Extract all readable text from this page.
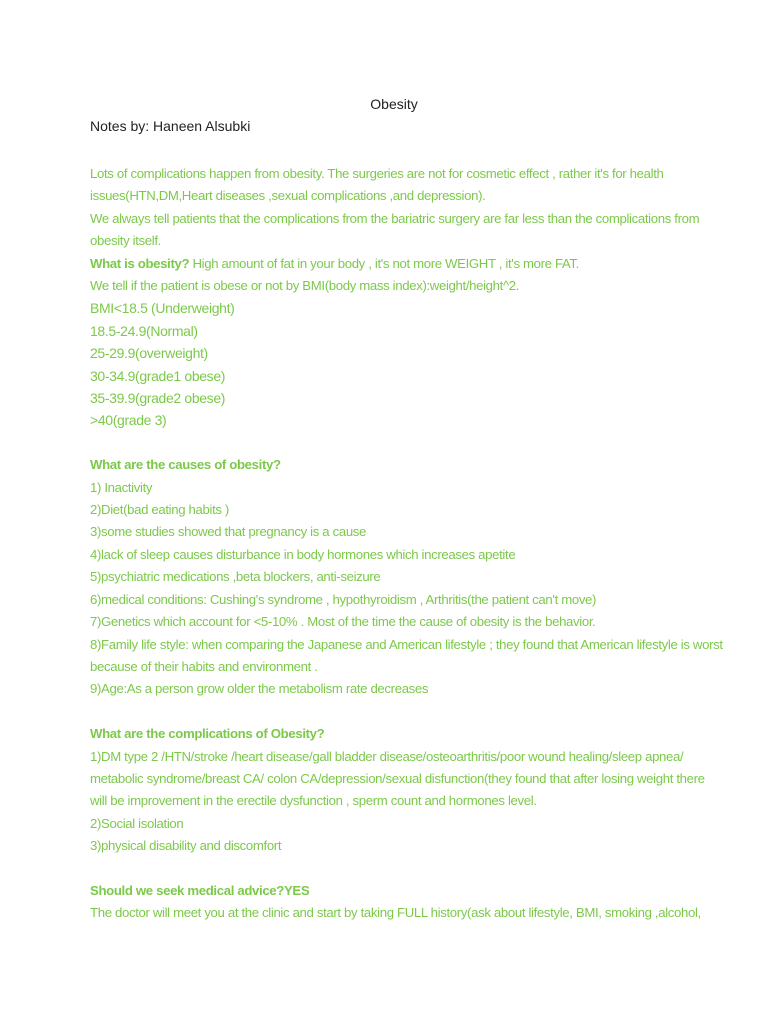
Obesity

Notes by: Haneen Alsubki

Lots of complications happen from obesity. The surgeries are not for cosmetic effect , rather it's for health

issues(HTN,DM,Heart diseases ,sexual complications ,and depression).

We always tell patients that the complications from the bariatric surgery are far less than the complications from

obesity itself.

What is obesity? High amount of fat in your body , it's not more WEIGHT , it's more FAT.

We tell if the patient is obese or not by BMI(body mass index):weight/height^2.

BMI<18.5 (Underweight)

18.5-24.9(Normal)

25-29.9(overweight)

30-34.9(grade1 obese)

35-39.9(grade2 obese)

>40(grade 3)

What are the causes of obesity?

1) Inactivity

2)Diet(bad eating habits )

3)some studies showed that pregnancy is a cause

4)lack of sleep causes disturbance in body hormones which increases apetite

5)psychiatric medications ,beta blockers, anti-seizure

6)medical conditions: Cushing's syndrome , hypothyroidism , Arthritis(the patient can't move)

7)Genetics which account for <5-10% . Most of the time the cause of obesity is the behavior.

8)Family life style: when comparing the Japanese and American lifestyle ; they found that American lifestyle is worst

because of their habits and environment .

9)Age:As a person grow older the metabolism rate decreases

What are the complications of Obesity?

1)DM type 2 /HTN/stroke /heart disease/gall bladder disease/osteoarthritis/poor wound healing/sleep apnea/

metabolic syndrome/breast CA/ colon CA/depression/sexual disfunction(they found that after losing weight there

will be improvement in the erectile dysfunction , sperm count and hormones level.

2)Social isolation

3)physical disability and discomfort

Should we seek medical advice?YES

The doctor will meet you at the clinic and start by taking FULL history(ask about lifestyle, BMI, smoking ,alcohol,
